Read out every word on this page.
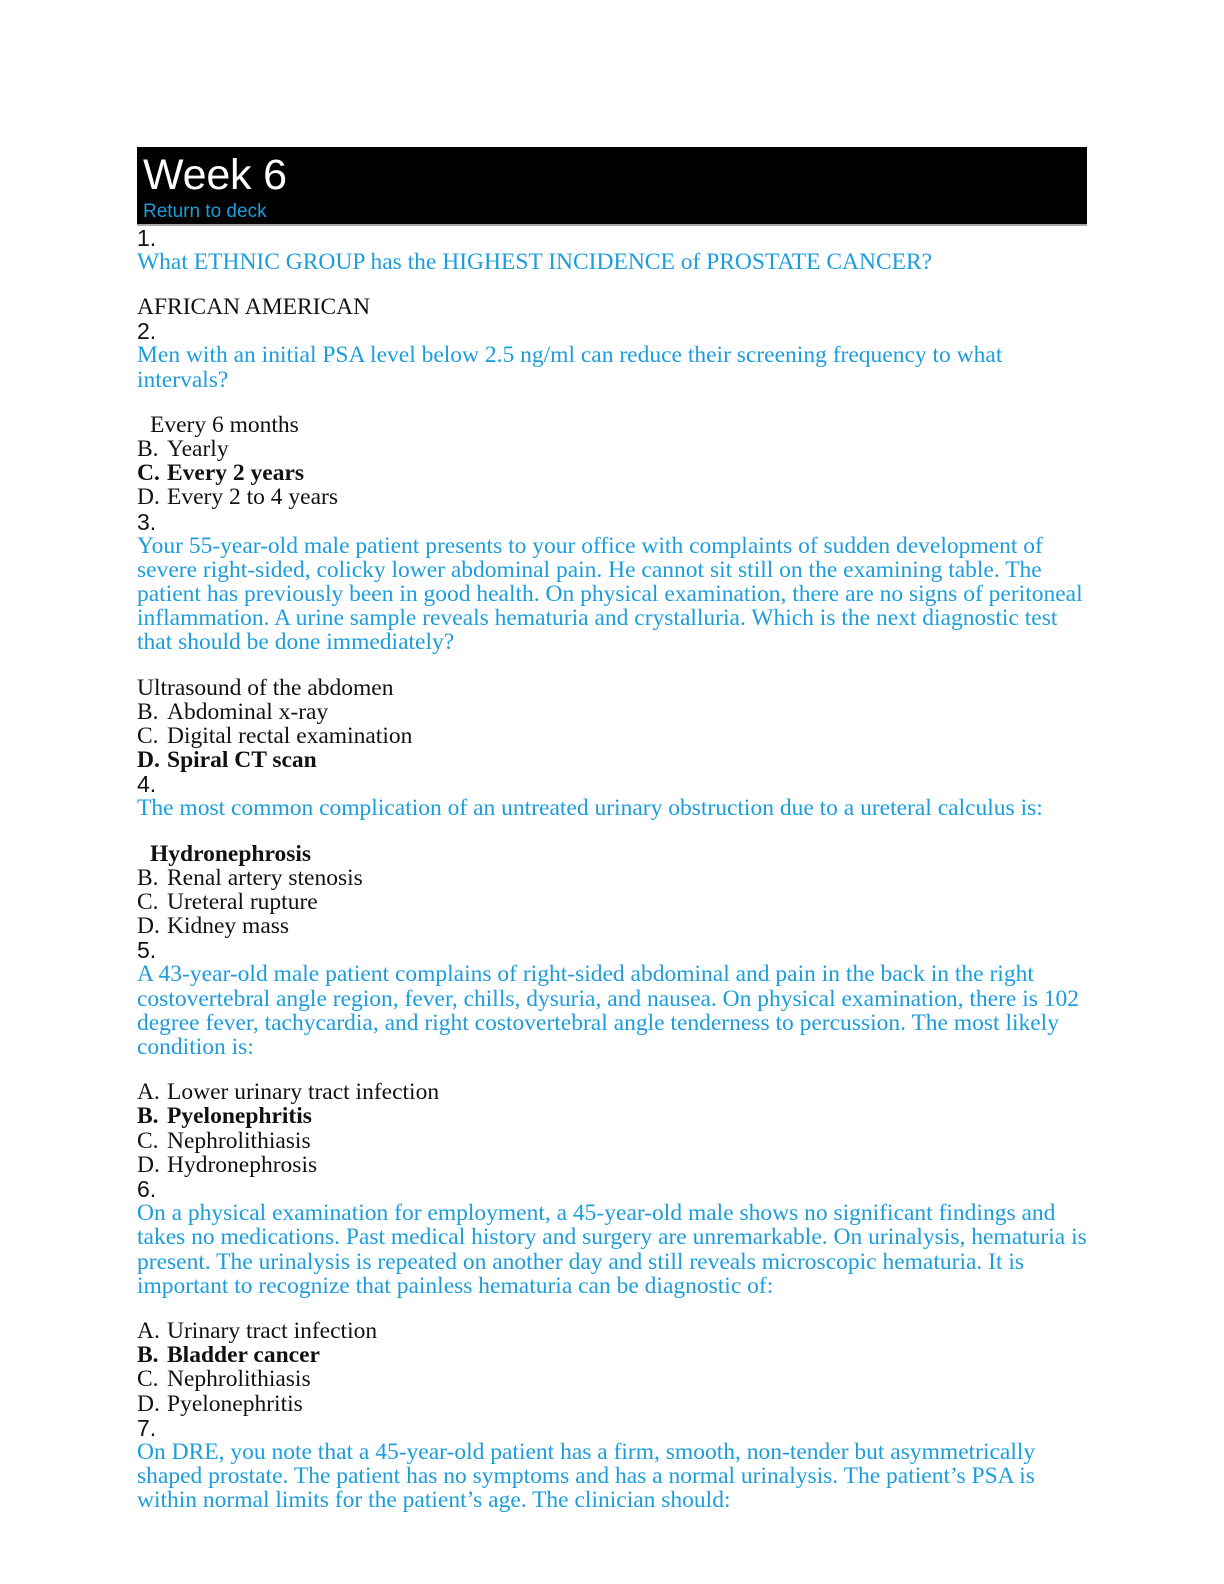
Week 6
Return to deck
1.
What ETHNIC GROUP has the HIGHEST INCIDENCE of PROSTATE CANCER?
AFRICAN AMERICAN
2.
Men with an initial PSA level below 2.5 ng/ml can reduce their screening frequency to what intervals?
Every 6 months
B. Yearly
C. Every 2 years
D. Every 2 to 4 years
3.
Your 55-year-old male patient presents to your office with complaints of sudden development of severe right-sided, colicky lower abdominal pain. He cannot sit still on the examining table. The patient has previously been in good health. On physical examination, there are no signs of peritoneal inflammation. A urine sample reveals hematuria and crystalluria. Which is the next diagnostic test that should be done immediately?
Ultrasound of the abdomen
B. Abdominal x-ray
C. Digital rectal examination
D. Spiral CT scan
4.
The most common complication of an untreated urinary obstruction due to a ureteral calculus is:
Hydronephrosis
B. Renal artery stenosis
C. Ureteral rupture
D. Kidney mass
5.
A 43-year-old male patient complains of right-sided abdominal and pain in the back in the right costovertebral angle region, fever, chills, dysuria, and nausea. On physical examination, there is 102 degree fever, tachycardia, and right costovertebral angle tenderness to percussion. The most likely condition is:
A. Lower urinary tract infection
B. Pyelonephritis
C. Nephrolithiasis
D. Hydronephrosis
6.
On a physical examination for employment, a 45-year-old male shows no significant findings and takes no medications. Past medical history and surgery are unremarkable. On urinalysis, hematuria is present. The urinalysis is repeated on another day and still reveals microscopic hematuria. It is important to recognize that painless hematuria can be diagnostic of:
A. Urinary tract infection
B. Bladder cancer
C. Nephrolithiasis
D. Pyelonephritis
7.
On DRE, you note that a 45-year-old patient has a firm, smooth, non-tender but asymmetrically shaped prostate. The patient has no symptoms and has a normal urinalysis. The patient’s PSA is within normal limits for the patient’s age. The clinician should:
